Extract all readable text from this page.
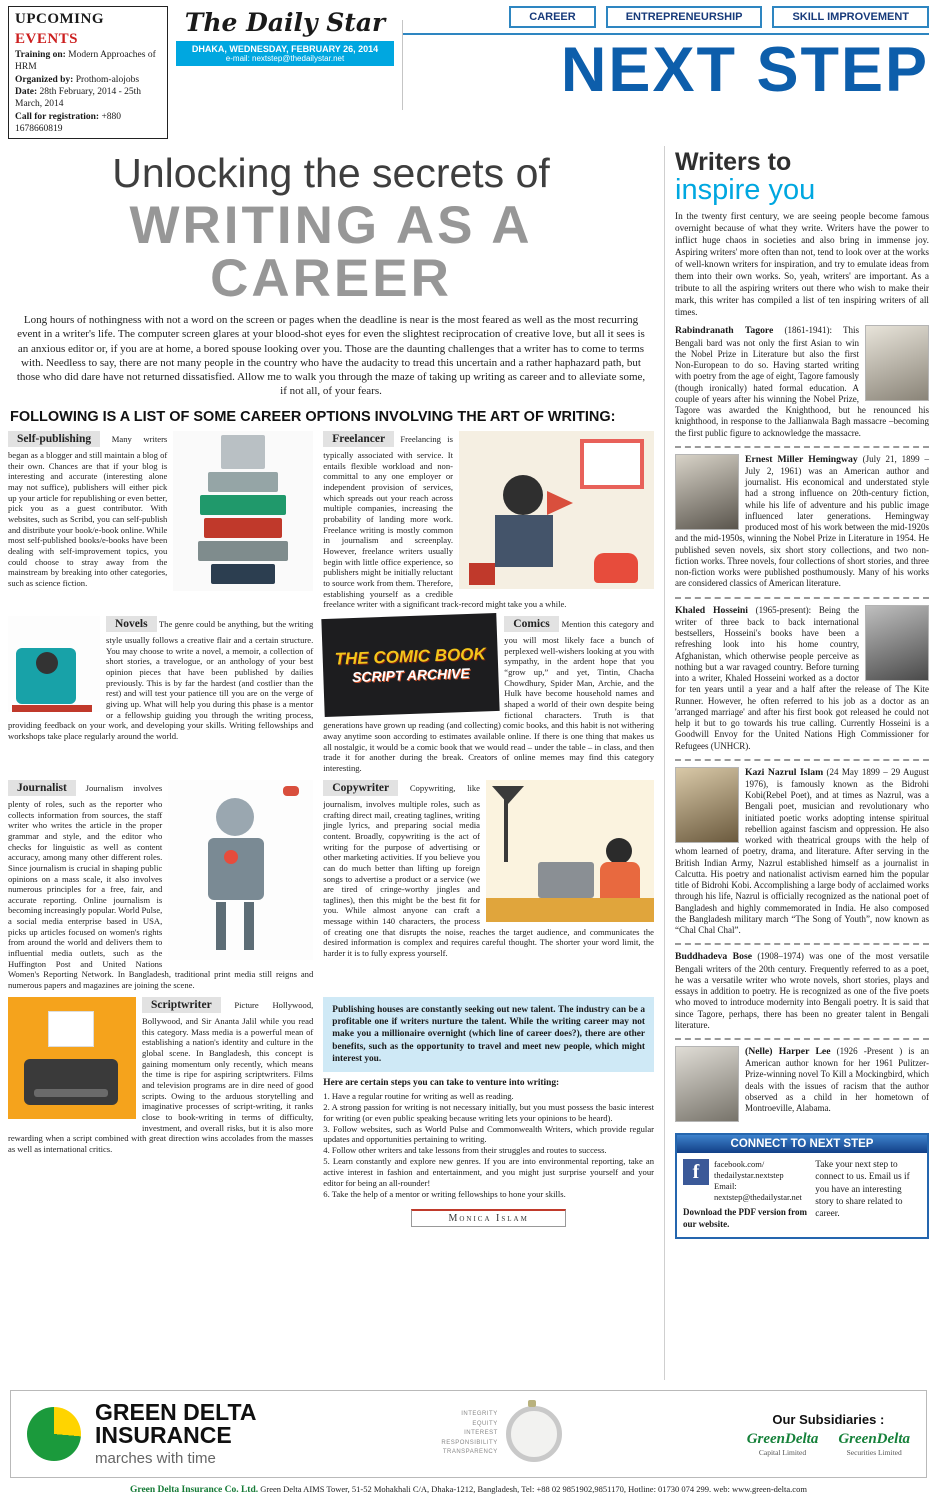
UPCOMING EVENTS
Training on: Modern Approaches of HRM
Organized by: Prothom-alojobs
Date: 28th February, 2014 - 25th March, 2014
Call for registration: +880 1678660819
The Daily Star
DHAKA, WEDNESDAY, FEBRUARY 26, 2014
e-mail: nextstep@thedailystar.net
CAREER	ENTREPRENEURSHIP	SKILL IMPROVEMENT
NEXT STEP
Unlocking the secrets of
WRITING AS A CAREER
Long hours of nothingness with not a word on the screen or pages when the deadline is near is the most feared as well as the most recurring event in a writer's life. The computer screen glares at your blood-shot eyes for even the slightest reciprocation of creative love, but all it sees is an anxious editor or, if you are at home, a bored spouse looking over you. Those are the daunting challenges that a writer has to come to terms with. Needless to say, there are not many people in the country who have the audacity to tread this uncertain and a rather haphazard path, but those who did dare have not returned dissatisfied. Allow me to walk you through the maze of taking up writing as career and to alleviate some, if not all, of your fears.
FOLLOWING IS A LIST OF SOME CAREER OPTIONS INVOLVING THE ART OF WRITING:
Self-publishing Many writers began as a blogger and still maintain a blog of their own. Chances are that if your blog is interesting and accurate (interesting alone may not suffice), publishers will either pick up your article for republishing or even better, pick you as a guest contributor. With websites, such as Scribd, you can self-publish and distribute your book/e-book online. While most self-published books/e-books have been dealing with self-improvement topics, you could choose to stray away from the mainstream by breaking into other categories, such as science fiction.
Freelancer Freelancing is typically associated with service. It entails flexible workload and non-committal to any one employer or independent provision of services, which spreads out your reach across multiple companies, increasing the probability of landing more work. Freelance writing is mostly common in journalism and screenplay. However, freelance writers usually begin with little office experience, so publishers might be initially reluctant to source work from them. Therefore, establishing yourself as a credible freelance writer with a significant track-record might take you a while.
Novels The genre could be anything, but the writing style usually follows a creative flair and a certain structure. You may choose to write a novel, a memoir, a collection of short stories, a travelogue, or an anthology of your best opinion pieces that have been published by dailies previously. This is by far the hardest (and costlier than the rest) and will test your patience till you are on the verge of giving up. What will help you during this phase is a mentor or a fellowship guiding you through the writing process, providing feedback on your work, and developing your skills. Writing fellowships and workshops take place regularly around the world.
Comics
THE COMIC BOOK
SCRIPT ARCHIVE
Mention this category and you will most likely face a bunch of perplexed well-wishers looking at you with sympathy, in the ardent hope that you “grow up,” and yet, Tintin, Chacha Chowdhury, Spider Man, Archie, and the Hulk have become household names and shaped a world of their own despite being fictional characters. Truth is that generations have grown up reading (and collecting) comic books, and this habit is not withering away anytime soon according to estimates available online. If there is one thing that makes us all nostalgic, it would be a comic book that we would read – under the table – in class, and then trade it for another during the break. Creators of online memes may find this category interesting.
Journalist Journalism involves plenty of roles, such as the reporter who collects information from sources, the staff writer who writes the article in the proper grammar and style, and the editor who checks for linguistic as well as content accuracy, among many other different roles. Since journalism is crucial in shaping public opinions on a mass scale, it also involves numerous principles for a free, fair, and accurate reporting. Online journalism is becoming increasingly popular. World Pulse, a social media enterprise based in USA, picks up articles focused on women's rights from around the world and delivers them to influential media outlets, such as the Huffington Post and United Nations Women's Reporting Network. In Bangladesh, traditional print media still reigns and numerous papers and magazines are joining the scene.
Copywriter Copywriting, like journalism, involves multiple roles, such as crafting direct mail, creating taglines, writing jingle lyrics, and preparing social media content. Broadly, copywriting is the act of writing for the purpose of advertising or other marketing activities. If you believe you can do much better than lifting up foreign songs to advertise a product or a service (we are tired of cringe-worthy jingles and taglines), then this might be the best fit for you. While almost anyone can craft a message within 140 characters, the process of creating one that disrupts the noise, reaches the target audience, and communicates the desired information is complex and requires careful thought. The shorter your word limit, the harder it is to fully express yourself.
Scriptwriter	Picture Hollywood, Bollywood, and Sir Ananta Jalil while you read this category. Mass media is a powerful mean of establishing a nation's identity and culture in the global scene. In Bangladesh, this concept is gaining momentum only recently, which means the time is ripe for aspiring scriptwriters. Films and television programs are in dire need of good scripts. Owing to the arduous storytelling and imaginative processes of script-writing, it ranks close to book-writing in terms of difficulty, investment, and overall risks, but it is also more rewarding when a script combined with great direction wins accolades from the masses as well as international critics.
Publishing houses are constantly seeking out new talent. The industry can be a profitable one if writers nurture the talent. While the writing career may not make you a millionaire overnight (which line of career does?), there are other benefits, such as the opportunity to travel and meet new people, which might interest you.
Here are certain steps you can take to venture into writing:
1. Have a regular routine for writing as well as reading.
2. A strong passion for writing is not necessary initially, but you must possess the basic interest for writing (or even public speaking because writing lets your opinions to be heard).
3. Follow websites, such as World Pulse and Commonwealth Writers, which provide regular updates and opportunities pertaining to writing.
4. Follow other writers and take lessons from their struggles and routes to success.
5. Learn constantly and explore new genres. If you are into environmental reporting, take an active interest in fashion and entertainment, and you might just surprise yourself and your editor for being an all-rounder!
6. Take the help of a mentor or writing fellowships to hone your skills.
Monica Islam
Writers to
inspire you
In the twenty first century, we are seeing people become famous overnight because of what they write. Writers have the power to inflict huge chaos in societies and also bring in immense joy. Aspiring writers' more often than not, tend to look over at the works of well-known writers for inspiration, and try to emulate ideas from them into their own works. So, yeah, writers' are important. As a tribute to all the aspiring writers out there who wish to make their mark, this writer has compiled a list of ten inspiring writers of all times.
Rabindranath Tagore (1861-1941): This Bengali bard was not only the first Asian to win the Nobel Prize in Literature but also the first Non-European to do so. Having started writing with poetry from the age of eight, Tagore famously (though ironically) hated formal education. A couple of years after his winning the Nobel Prize, Tagore was awarded the Knighthood, but he renounced his knighthood, in response to the Jallianwala Bagh massacre –becoming the first public figure to acknowledge the massacre.
Ernest Miller Hemingway (July 21, 1899 – July 2, 1961) was an American author and journalist. His economical and understated style had a strong influence on 20th-century fiction, while his life of adventure and his public image influenced later generations. Hemingway produced most of his work between the mid-1920s and the mid-1950s, winning the Nobel Prize in Literature in 1954. He published seven novels, six short story collections, and two non-fiction works. Three novels, four collections of short stories, and three non-fiction works were published posthumously. Many of his works are considered classics of American literature.
Khaled Hosseini (1965-present): Being the writer of three back to back international bestsellers, Hosseini's books have been a refreshing look into his home country, Afghanistan, which otherwise people perceive as nothing but a war ravaged country. Before turning into a writer, Khaled Hosseini worked as a doctor for ten years until a year and a half after the release of The Kite Runner. However, he often referred to his job as a doctor as an 'arranged marriage' and after his first book got released he could not help it but to go towards his true calling. Currently Hosseini is a Goodwill Envoy for the United Nations High Commissioner for Refugees (UNHCR).
Kazi Nazrul Islam (24 May 1899 – 29 August 1976), is famously known as the Bidrohi Kobi(Rebel Poet), and at times as Nazrul, was a Bengali poet, musician and revolutionary who initiated poetic works adopting intense spiritual rebellion against fascism and oppression. He also worked with theatrical groups with the help of whom learned of poetry, drama, and literature. After serving in the British Indian Army, Nazrul established himself as a journalist in Calcutta. His poetry and nationalist activism earned him the popular title of Bidrohi Kobi. Accomplishing a large body of acclaimed works through his life, Nazrul is officially recognized as the national poet of Bangladesh and highly commemorated in India. He also composed the Bangladesh military march “The Song of Youth”, now known as “Chal Chal Chal”.
Buddhadeva Bose (1908–1974) was one of the most versatile Bengali writers of the 20th century. Frequently referred to as a poet, he was a versatile writer who wrote novels, short stories, plays and essays in addition to poetry. He is recognized as one of the five poets who moved to introduce modernity into Bengali poetry. It is said that since Tagore, perhaps, there has been no greater talent in Bengali literature.
(Nelle) Harper Lee (1926 -Present ) is an American author known for her 1961 Pulitzer-Prize-winning novel To Kill a Mockingbird, which deals with the issues of racism that the author observed as a child in her hometown of Montroeville, Alabama.
CONNECT TO NEXT STEP
f	facebook.com/ thedailystar.nextstep
Email: nextstep@thedailystar.net
Download the PDF version from our website.
Take your next step to connect to us. Email us if you have an interesting story to share related to career.
GREEN DELTA
INSURANCE
marches with time
INTEGRITY
EQUITY
INTEREST
RESPONSIBILITY
TRANSPARENCY
Our Subsidiaries :
GreenDelta
Capital Limited
GreenDelta
Securities Limited
Green Delta Insurance Co. Ltd. Green Delta AIMS Tower, 51-52 Mohakhali C/A, Dhaka-1212, Bangladesh, Tel: +88 02 9851902,9851170, Hotline: 01730 074 299. web: www.green-delta.com
